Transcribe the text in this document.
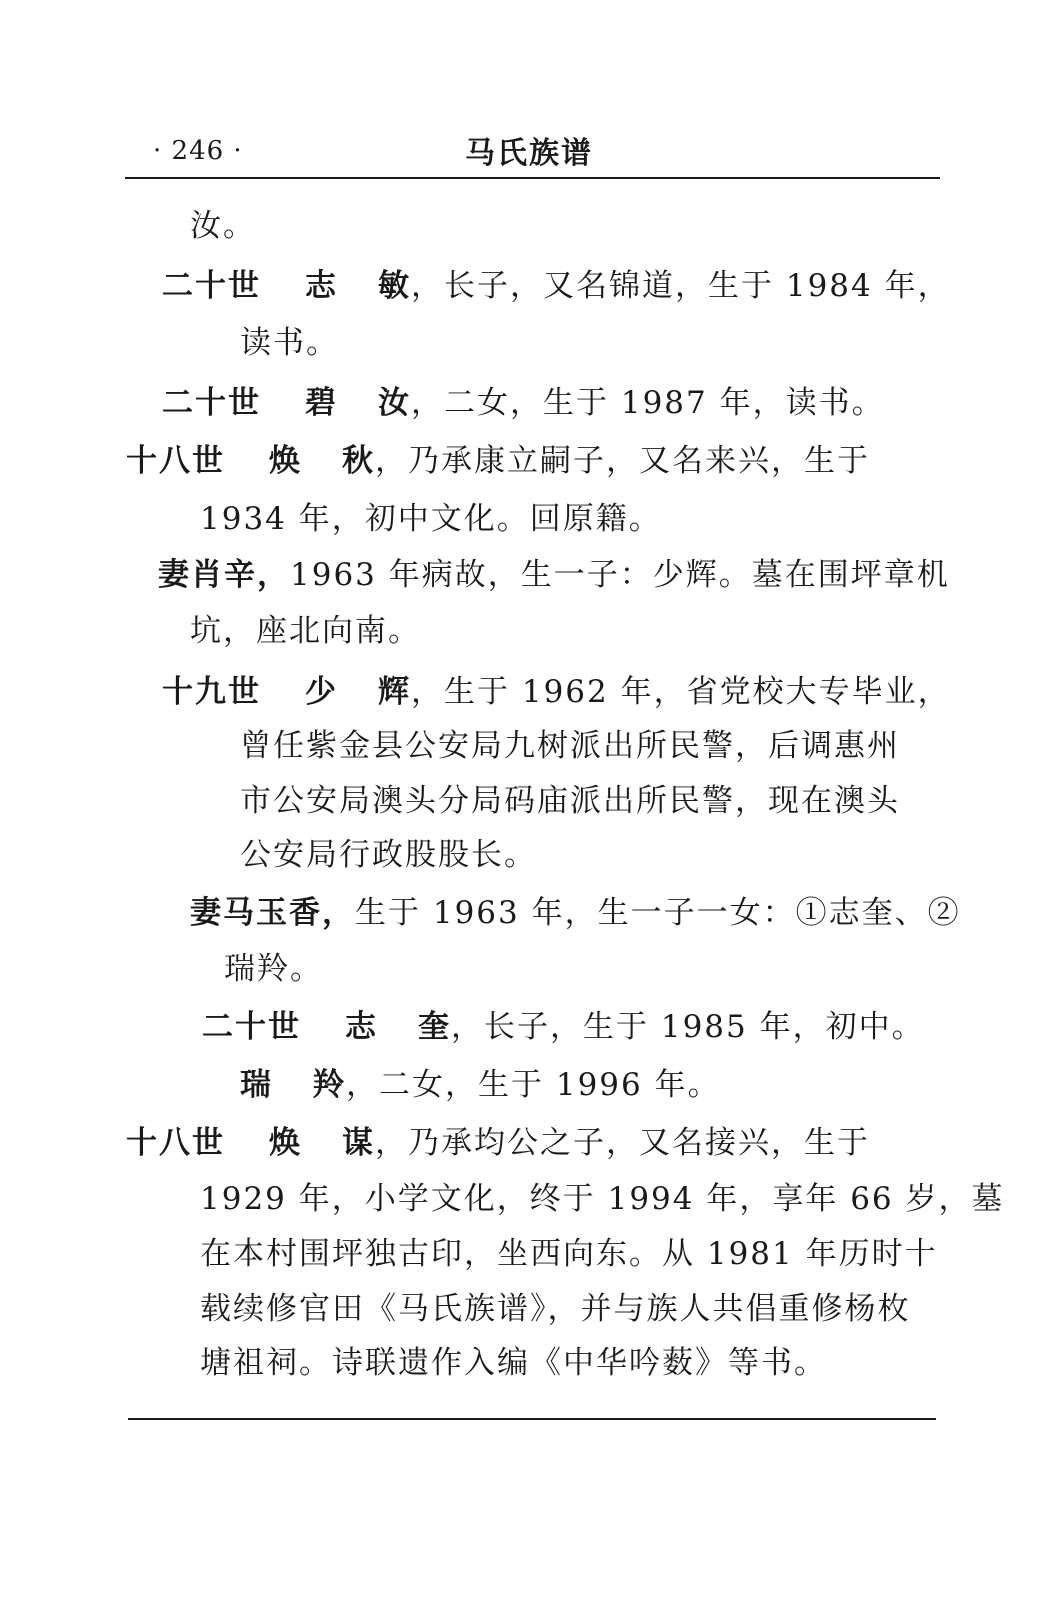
· 246 ·	马氏族谱
汝。
二十世 志 敏，长子，又名锦道，生于 1984 年，
读书。
二十世 碧 汝，二女，生于 1987 年，读书。
十八世 焕 秋，乃承康立嗣子，又名来兴，生于
1934 年，初中文化。回原籍。
妻肖辛，1963 年病故，生一子：少辉。墓在围坪章机
坑，座北向南。
十九世 少 辉，生于 1962 年，省党校大专毕业，
曾任紫金县公安局九树派出所民警，后调惠州
市公安局澳头分局码庙派出所民警，现在澳头
公安局行政股股长。
妻马玉香，生于 1963 年，生一子一女：①志奎、②
瑞羚。
二十世 志 奎，长子，生于 1985 年，初中。
瑞 羚，二女，生于 1996 年。
十八世 焕 谋，乃承均公之子，又名接兴，生于
1929 年，小学文化，终于 1994 年，享年 66 岁，墓
在本村围坪独古印，坐西向东。从 1981 年历时十
载续修官田《马氏族谱》，并与族人共倡重修杨枚
塘祖祠。诗联遗作入编《中华吟薮》等书。
